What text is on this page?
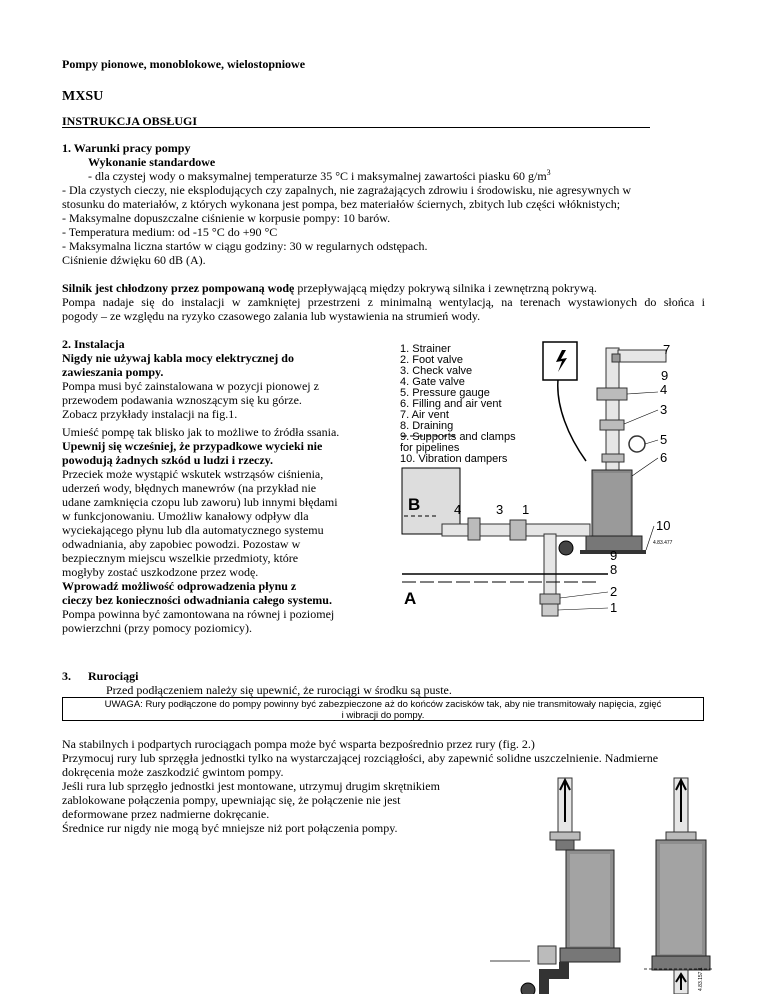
Pompy pionowe, monoblokowe, wielostopniowe
MXSU
INSTRUKCJA OBSŁUGI
1. Warunki pracy pompy
Wykonanie standardowe
- dla czystej wody o maksymalnej temperaturze 35 °C i maksymalnej zawartości piasku 60 $g/m^3$
- Dla czystych cieczy, nie eksplodujących czy zapalnych, nie zagrażających zdrowiu i środowisku, nie agresywnych w
stosunku do materiałów, z których wykonana jest pompa, bez materiałów ściernych, zbitych lub części włóknistych;
- Maksymalne dopuszczalne ciśnienie w korpusie pompy: 10 barów.
- Temperatura medium: od -15 °C do +90 °C
- Maksymalna liczna startów w ciągu godziny: 30 w regularnych odstępach.
Ciśnienie dźwięku 60 dB (A).
Silnik jest chłodzony przez pompowaną wodę przepływającą między pokrywą silnika i zewnętrzną pokrywą.
Pompa nadaje się do instalacji w zamkniętej przestrzeni z minimalną wentylacją, na terenach wystawionych do słońca i
pogody – ze względu na ryzyko czasowego zalania lub wystawienia na strumień wody.
2. Instalacja
Nigdy nie używaj kabla mocy elektrycznej do
zawieszania pompy.
Pompa musi być zainstalowana w pozycji pionowej z
przewodem podawania wznoszącym się ku górze.
Zobacz przykłady instalacji na fig.1.
Umieść pompę tak blisko jak to możliwe to źródła ssania.
Upewnij się wcześniej, że przypadkowe wycieki nie
powodują żadnych szkód u ludzi i rzeczy.
Przeciek może wystąpić wskutek wstrząsów ciśnienia,
uderzeń wody, błędnych manewrów (na przykład nie
udane zamknięcia czopu lub zaworu) lub innymi błędami
w funkcjonowaniu. Umożliw kanałowy odpływ dla
wyciekającego płynu lub dla automatycznego systemu
odwadniania, aby zapobiec powodzi. Pozostaw w
bezpiecznym miejscu wszelkie przedmioty, które
mogłyby zostać uszkodzone przez wodę.
Wprowadź możliwość odprowadzenia płynu z
cieczy bez konieczności odwadniania całego systemu.
Pompa powinna być zamontowana na równej i poziomej
powierzchni (przy pomocy poziomicy).
1. Strainer
2. Foot valve
3. Check valve
4. Gate valve
5. Pressure gauge
6. Filling and air vent
7. Air vent
8. Draining
9. Supports and clamps
for pipelines
10. Vibration dampers
B
A
7
9
4
3
5
6
4	3 1
10
9
8
2
1
4.83.477
3. Rurociągi
Przed podłączeniem należy się upewnić, że rurociągi w środku są puste.
UWAGA: Rury podłączone do pompy powinny być zabezpieczone aż do końców zacisków tak, aby nie transmitowały napięcia, zgięć
i wibracji do pompy.
Na stabilnych i podpartych rurociągach pompa może być wsparta bezpośrednio przez rury (fig. 2.)
Przymocuj rury lub sprzęgła jednostki tylko na wystarczającej rozciągłości, aby zapewnić solidne uszczelnienie. Nadmierne
dokręcenia może zaszkodzić gwintom pompy.
Jeśli rura lub sprzęgło jednostki jest montowane, utrzymuj drugim skrętnikiem
zablokowane połączenia pompy, upewniając się, że połączenie nie jest
deformowane przez nadmierne dokręcanie.
Średnice rur nigdy nie mogą być mniejsze niż port połączenia pompy.
4.83.157.1
